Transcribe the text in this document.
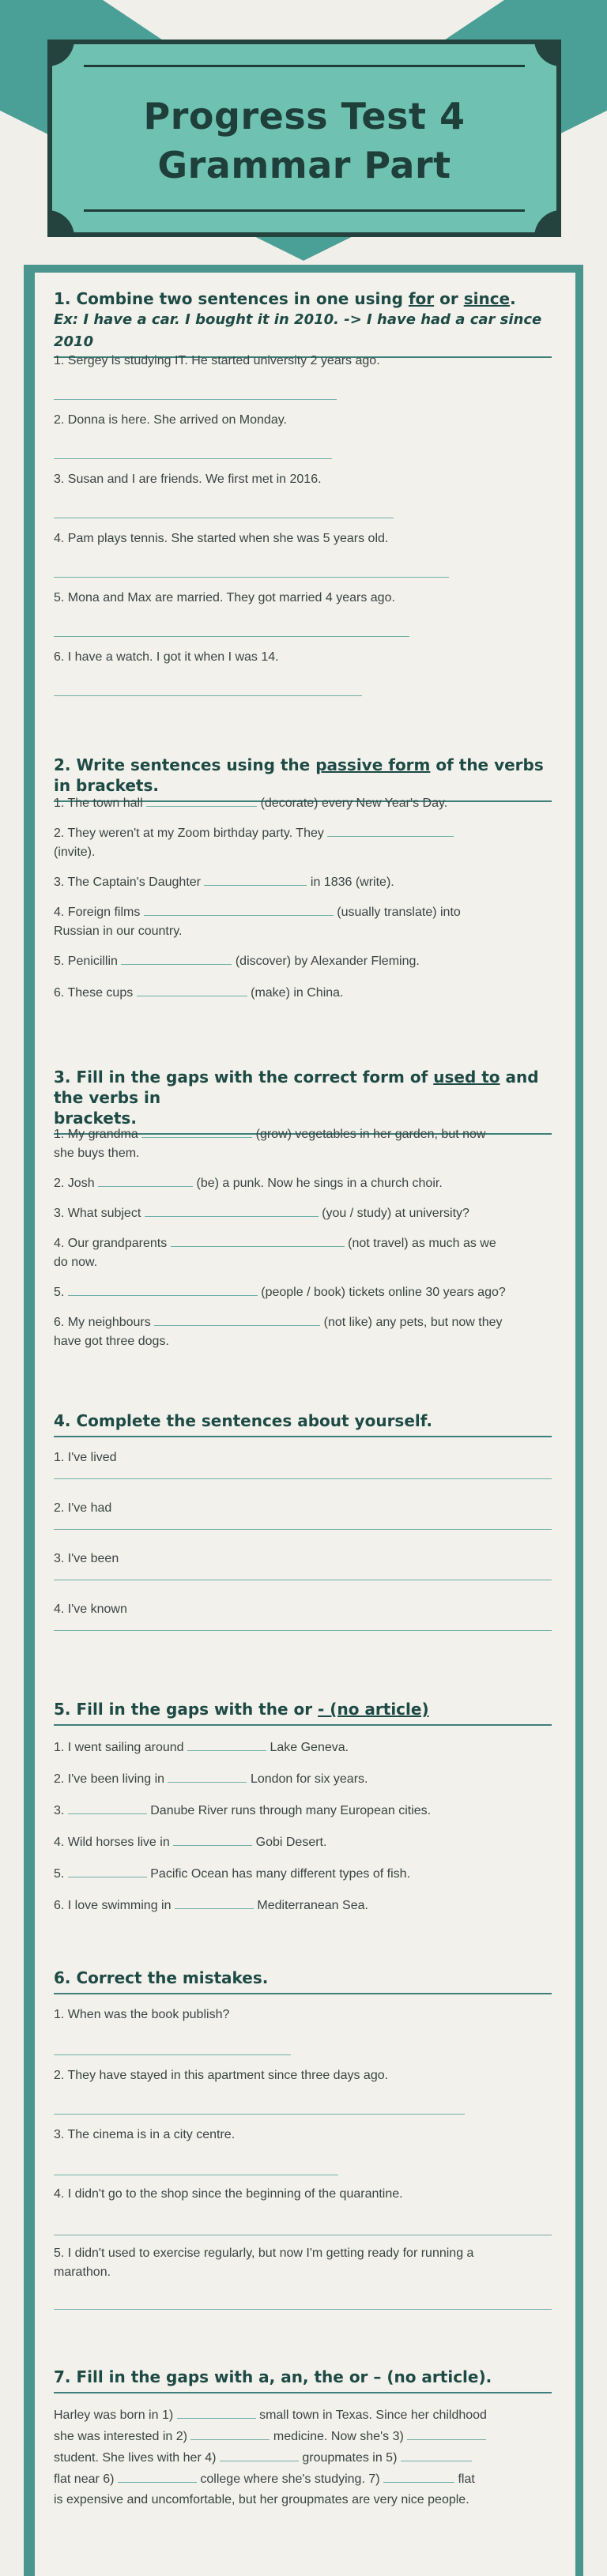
Progress Test 4
Grammar Part
1. Combine two sentences in one using for or since.
Ex: I have a car. I bought it in 2010. -> I have had a car since 2010
1. Sergey is studying IT. He started university 2 years ago.
2. Donna is here. She arrived on Monday.
3. Susan and I are friends. We first met in 2016.
4. Pam plays tennis. She started when she was 5 years old.
5. Mona and Max are married. They got married 4 years ago.
6. I have a watch. I got it when I was 14.
2. Write sentences using the passive form of the verbs in brackets.
1. The town hall	(decorate) every New Year's Day.
2. They weren't at my Zoom birthday party. They
(invite).
3. The Captain's Daughter	in 1836 (write).
4. Foreign films	(usually translate) into
Russian in our country.
5. Penicillin	(discover) by Alexander Fleming.
6. These cups	(make) in China.
3. Fill in the gaps with the correct form of used to and the verbs in
brackets.
1. My grandma	(grow) vegetables in her garden, but now
she buys them.
2. Josh	(be) a punk. Now he sings in a church choir.
3. What subject	(you / study) at university?
4. Our grandparents	(not travel) as much as we
do now.
5.	(people / book) tickets online 30 years ago?
6. My neighbours	(not like) any pets, but now they
have got three dogs.
4. Complete the sentences about yourself.
1. I've lived
2. I've had
3. I've been
4. I've known
5. Fill in the gaps with the or - (no article)
1. I went sailing around	Lake Geneva.
2. I've been living in	London for six years.
3.	Danube River runs through many European cities.
4. Wild horses live in	Gobi Desert.
5.	Pacific Ocean has many different types of fish.
6. I love swimming in	Mediterranean Sea.
6. Correct the mistakes.
1. When was the book publish?
2. They have stayed in this apartment since three days ago.
3. The cinema is in a city centre.
4. I didn't go to the shop since the beginning of the quarantine.
5. I didn't used to exercise regularly, but now I'm getting ready for running a
marathon.
7. Fill in the gaps with a, an, the or – (no article).
Harley was born in 1)	small town in Texas. Since her childhood
she was interested in 2)	medicine. Now she's 3)
student. She lives with her 4)	groupmates in 5)
flat near 6)	college where she's studying. 7)	flat
is expensive and uncomfortable, but her groupmates are very nice people.
